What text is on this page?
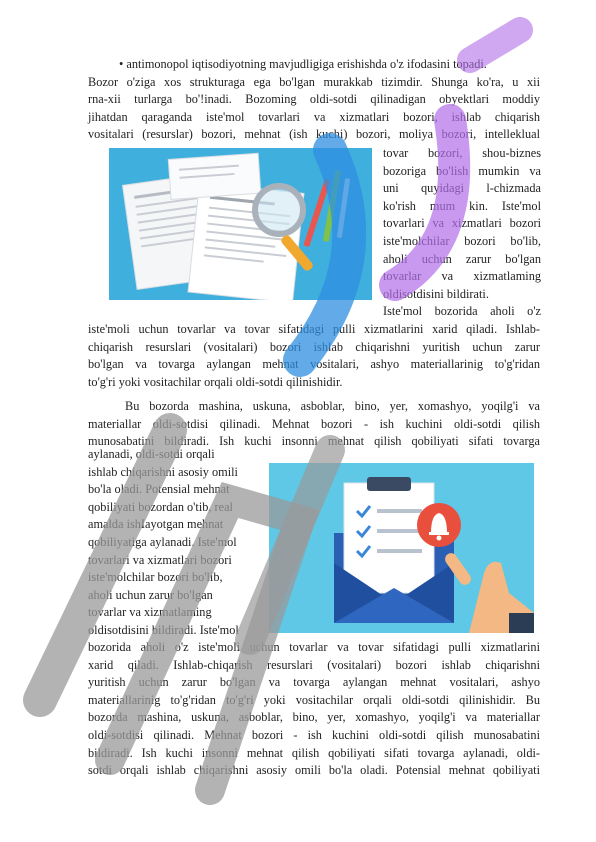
• antimonopol iqtisodiyotning mavjudligiga erishishda o'z ifodasini topadi.
Bozor o'ziga xos strukturaga ega bo'lgan murakkab tizimdir. Shunga ko'ra, u xii
rna-xii turlarga bo'!inadi. Bozoming oldi-sotdi qilinadigan obyektlari moddiy
jihatdan qaraganda iste'mol tovarlari va xizmatlari bozori, ishlab chiqarish
vositalari (resurslar) bozori, mehnat (ish kuchi) bozori, moliya bozori, intelleklual
tovar bozori, shou-biznes
bozoriga bo'lish mumkin va
uni quyidagi l-chizmada
ko'rish mum kin. Iste'mol
tovarlari va xizmatlari bozori
iste'molchilar bozori bo'lib,
aholi uchun zarur bo'lgan
tovarlar va xizmatlaming
oldisotdisini bildirati.
Iste'mol bozorida aholi o'z
iste'moli uchun tovarlar va tovar sifatidagi pulli xizmatlarini xarid qiladi. Ishlab-
chiqarish resurslari (vositalari) bozori ishlab chiqarishni yuritish uchun zarur
bo'lgan va tovarga aylangan mehnat vositalari, ashyo materiallarinig to'g'ridan
to'g'ri yoki vositachilar orqali oldi-sotdi qilinishidir.
Bu bozorda mashina, uskuna, asboblar, bino, yer, xomashyo, yoqilg'i va
materiallar oldi-sotdisi qilinadi. Mehnat bozori - ish kuchini oldi-sotdi qilish
munosabatini bildiradi. Ish kuchi insonni mehnat qilish qobiliyati sifati tovarga
aylanadi, oldi-sotdi orqali
ishlab chiqarishni asosiy omili
bo'la oladi. Potensial mehnat
qobiliyati bozordan o'tib, real
amalda ishIayotgan mehnat
qobiliyatiga aylanadi. Iste'mol
tovarlari va xizmatlari bozori
iste'molchilar bozori bo'lib,
aholi uchun zarur bo'lgan
tovarlar va xizmatlaming
oldisotdisini bildiradi. Iste'mol
bozorida aholi o'z iste'moli uchun tovarlar va tovar sifatidagi pulli xizmatlarini
xarid qiladi. Ishlab-chiqarish resurslari (vositalari) bozori ishlab chiqarishni
yuritish uchun zarur bo'lgan va tovarga aylangan mehnat vositalari, ashyo
materiallarinig to'g'ridan to'g'ri yoki vositachilar orqali oldi-sotdi qilinishidir. Bu
bozorda mashina, uskuna, asboblar, bino, yer, xomashyo, yoqilg'i va materiallar
oldi-sotdisi qilinadi. Mehnat bozori - ish kuchini oldi-sotdi qilish munosabatini
bildiradi. Ish kuchi insonni mehnat qilish qobiliyati sifati tovarga aylanadi, oldi-
sotdi orqali ishlab chiqarishni asosiy omili bo'la oladi. Potensial mehnat qobiliyati
